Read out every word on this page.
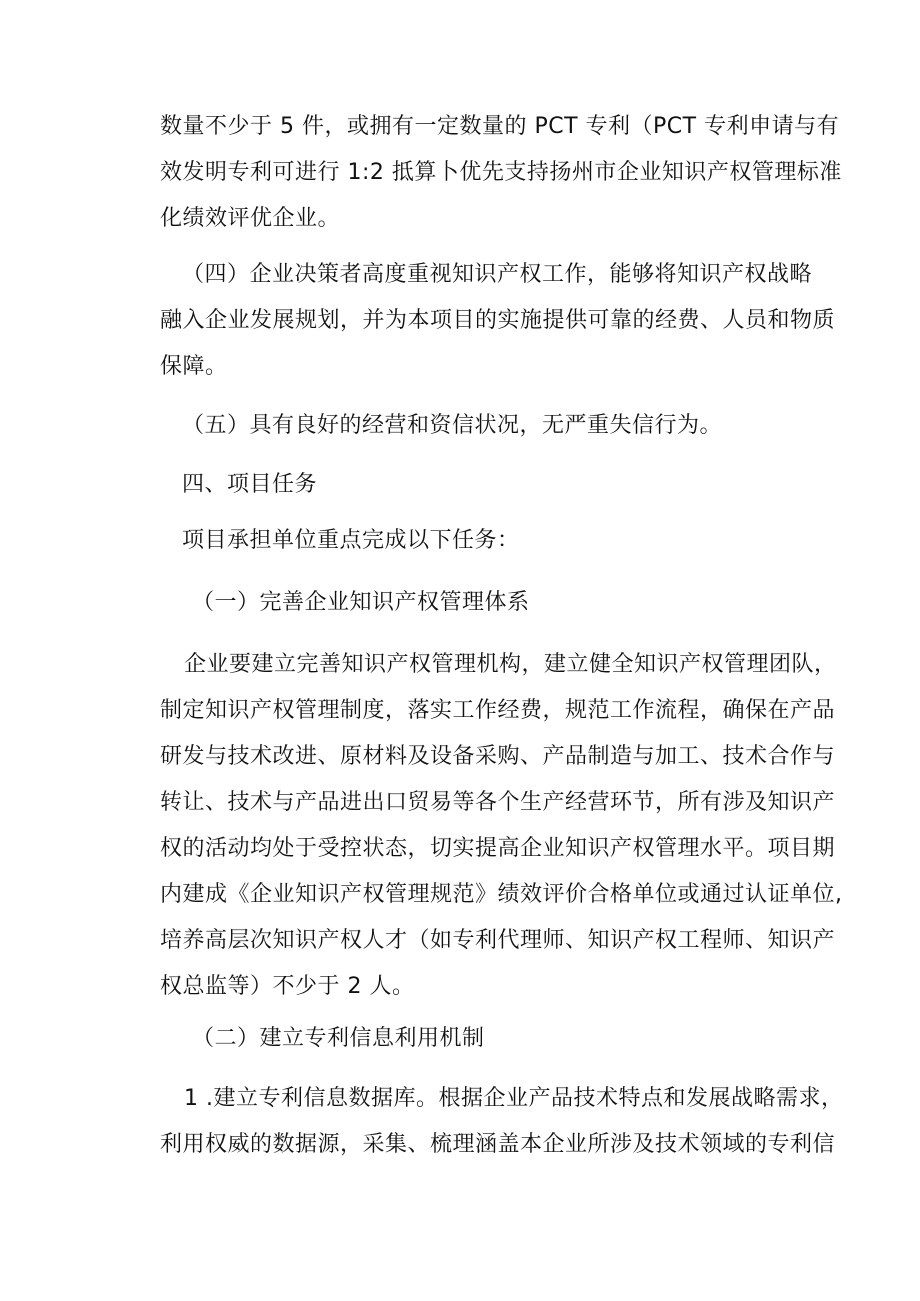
数量不少于 5 件，或拥有一定数量的 PCT 专利（PCT 专利申请与有
效发明专利可进行 1:2 抵算卜优先支持扬州市企业知识产权管理标准
化绩效评优企业。
（四）企业决策者高度重视知识产权工作，能够将知识产权战略
融入企业发展规划，并为本项目的实施提供可靠的经费、人员和物质
保障。
（五）具有良好的经营和资信状况，无严重失信行为。
四、项目任务
项目承担单位重点完成以下任务：
（一）完善企业知识产权管理体系
企业要建立完善知识产权管理机构，建立健全知识产权管理团队，
制定知识产权管理制度，落实工作经费，规范工作流程，确保在产品
研发与技术改进、原材料及设备采购、产品制造与加工、技术合作与
转让、技术与产品进出口贸易等各个生产经营环节，所有涉及知识产
权的活动均处于受控状态，切实提高企业知识产权管理水平。项目期
内建成《企业知识产权管理规范》绩效评价合格单位或通过认证单位,
培养高层次知识产权人才（如专利代理师、知识产权工程师、知识产
权总监等）不少于 2 人。
（二）建立专利信息利用机制
1 .建立专利信息数据库。根据企业产品技术特点和发展战略需求，
利用权威的数据源，采集、梳理涵盖本企业所涉及技术领域的专利信
